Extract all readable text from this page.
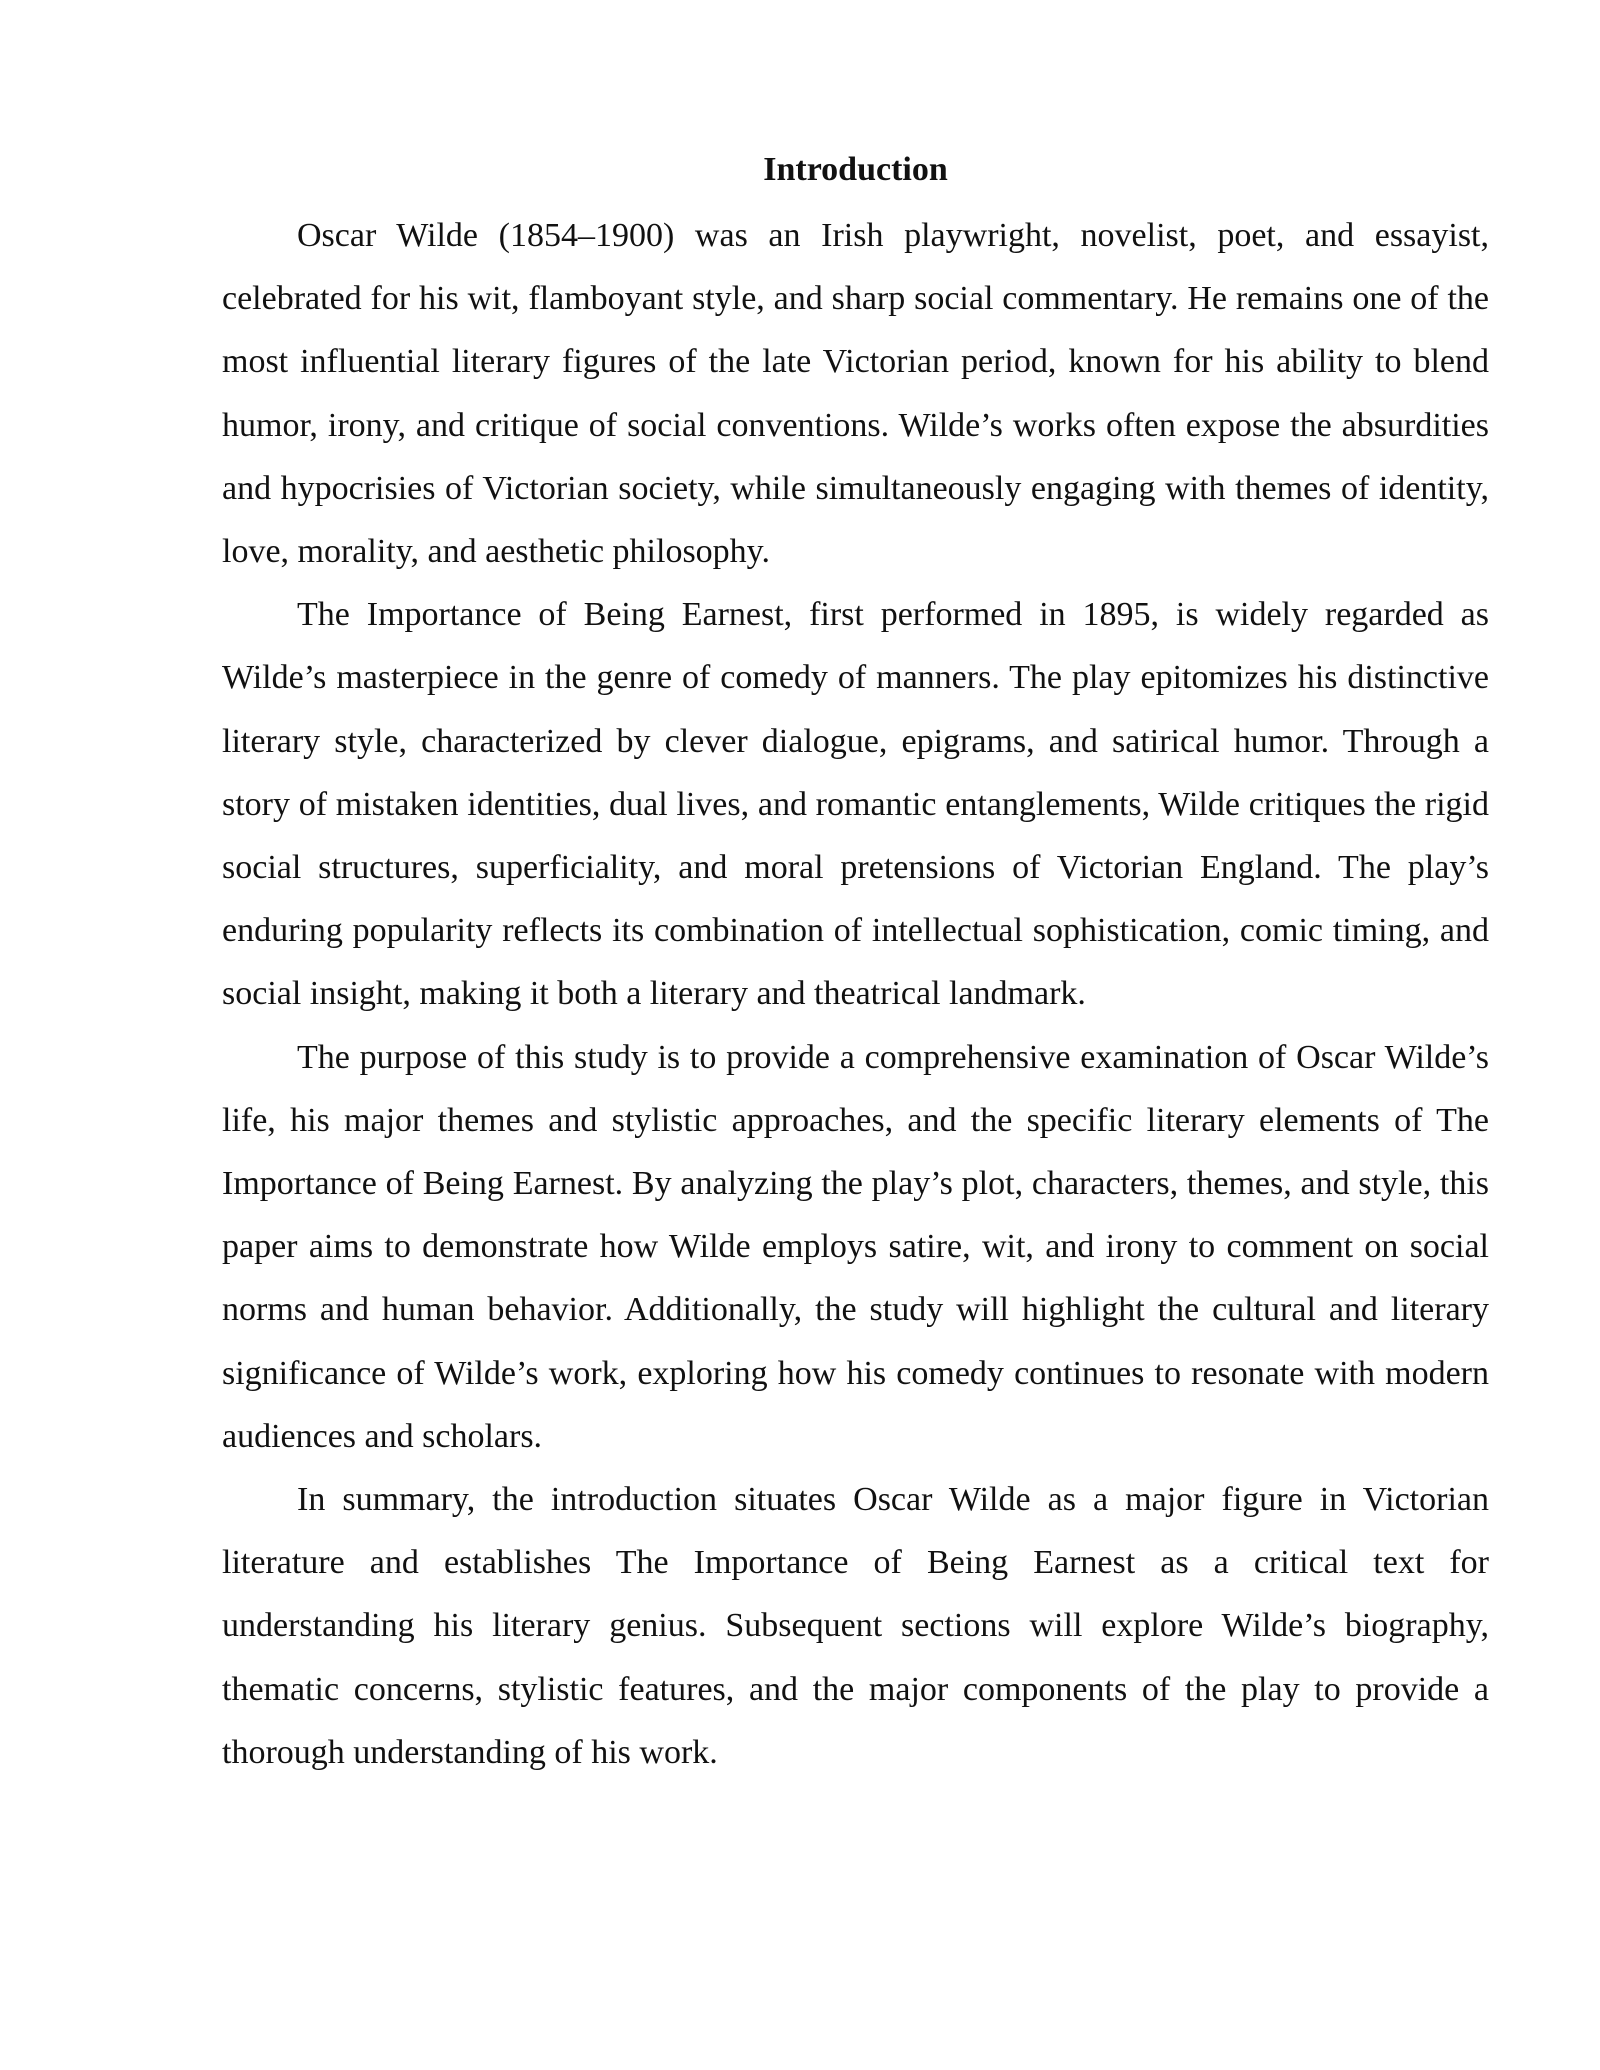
Introduction

Oscar Wilde (1854–1900) was an Irish playwright, novelist, poet, and essayist, celebrated for his wit, flamboyant style, and sharp social commentary. He remains one of the most influential literary figures of the late Victorian period, known for his ability to blend humor, irony, and critique of social conventions. Wilde’s works often expose the absurdities and hypocrisies of Victorian society, while simultaneously engaging with themes of identity, love, morality, and aesthetic philosophy.

The Importance of Being Earnest, first performed in 1895, is widely regarded as Wilde’s masterpiece in the genre of comedy of manners. The play epitomizes his distinctive literary style, characterized by clever dialogue, epigrams, and satirical humor. Through a story of mistaken identities, dual lives, and romantic entanglements, Wilde critiques the rigid social structures, superficiality, and moral pretensions of Victorian England. The play’s enduring popularity reflects its combination of intellectual sophistication, comic timing, and social insight, making it both a literary and theatrical landmark.

The purpose of this study is to provide a comprehensive examination of Oscar Wilde’s life, his major themes and stylistic approaches, and the specific literary elements of The Importance of Being Earnest. By analyzing the play’s plot, characters, themes, and style, this paper aims to demonstrate how Wilde employs satire, wit, and irony to comment on social norms and human behavior. Additionally, the study will highlight the cultural and literary significance of Wilde’s work, exploring how his comedy continues to resonate with modern audiences and scholars.

In summary, the introduction situates Oscar Wilde as a major figure in Victorian literature and establishes The Importance of Being Earnest as a critical text for understanding his literary genius. Subsequent sections will explore Wilde’s biography, thematic concerns, stylistic features, and the major components of the play to provide a thorough understanding of his work.
